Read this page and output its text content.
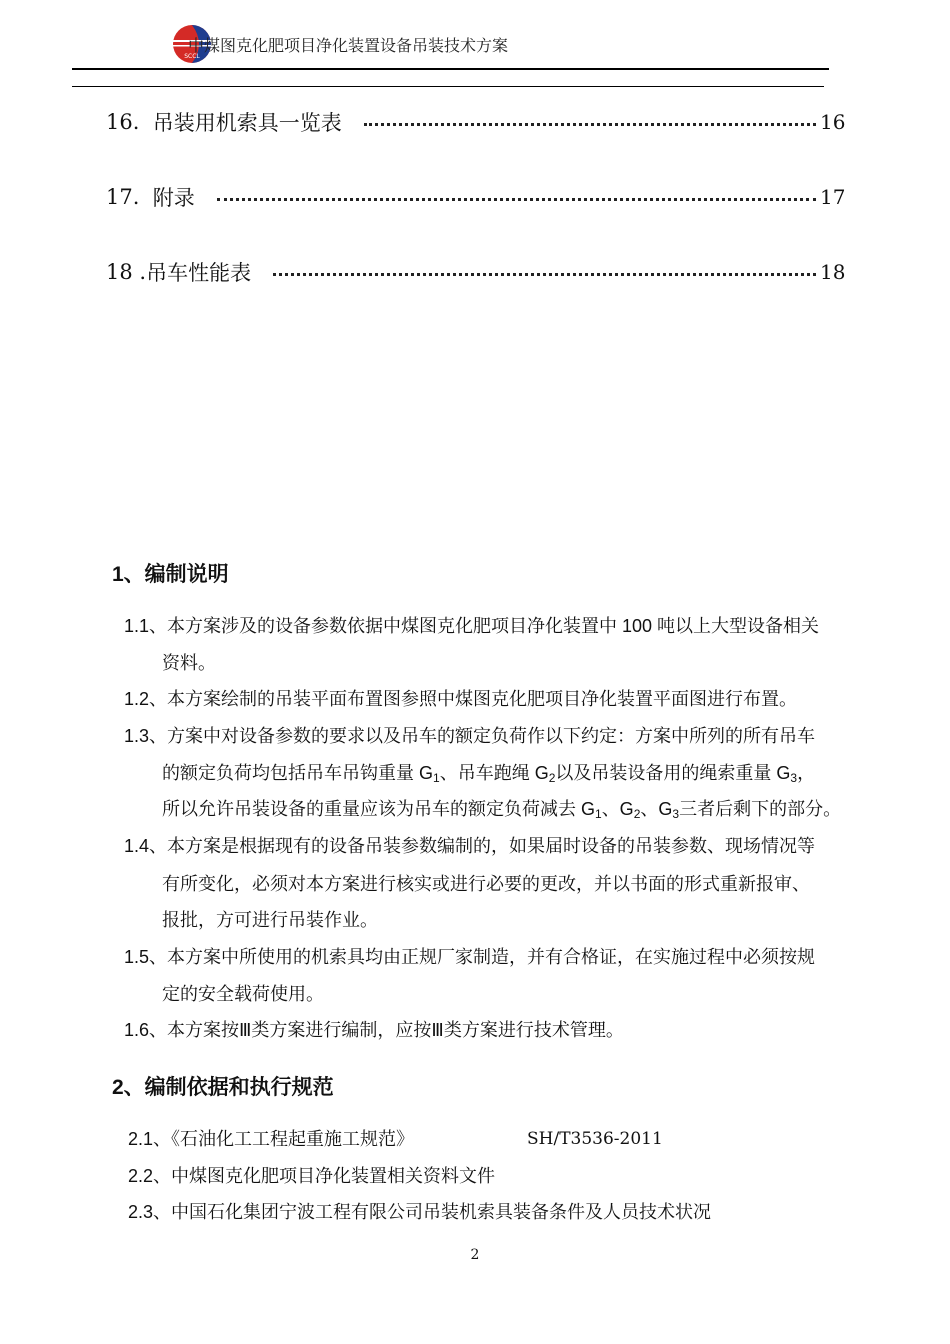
SCCL
中煤图克化肥项目净化装置设备吊装技术方案
16. 吊装用机索具一览表	16
17. 附录	17
18 . 吊车性能表	18
1、编制说明
1.1、本方案涉及的设备参数依据中煤图克化肥项目净化装置中 100 吨以上大型设备相关
资料。
1.2、本方案绘制的吊装平面布置图参照中煤图克化肥项目净化装置平面图进行布置。
1.3、方案中对设备参数的要求以及吊车的额定负荷作以下约定：方案中所列的所有吊车
的额定负荷均包括吊车吊钩重量 $G_1$、吊车跑绳 $G_2$以及吊装设备用的绳索重量 $G_3$，
所以允许吊装设备的重量应该为吊车的额定负荷减去 $G_1$、$G_2$、$G_3$三者后剩下的部分。
1.4、本方案是根据现有的设备吊装参数编制的，如果届时设备的吊装参数、现场情况等
有所变化，必须对本方案进行核实或进行必要的更改，并以书面的形式重新报审、
报批，方可进行吊装作业。
1.5、本方案中所使用的机索具均由正规厂家制造，并有合格证，在实施过程中必须按规
定的安全载荷使用。
1.6、本方案按Ⅲ类方案进行编制，应按Ⅲ类方案进行技术管理。
2、编制依据和执行规范
2.1、《石油化工工程起重施工规范》	SH/T3536-2011
2.2、中煤图克化肥项目净化装置相关资料文件
2.3、中国石化集团宁波工程有限公司吊装机索具装备条件及人员技术状况
2
